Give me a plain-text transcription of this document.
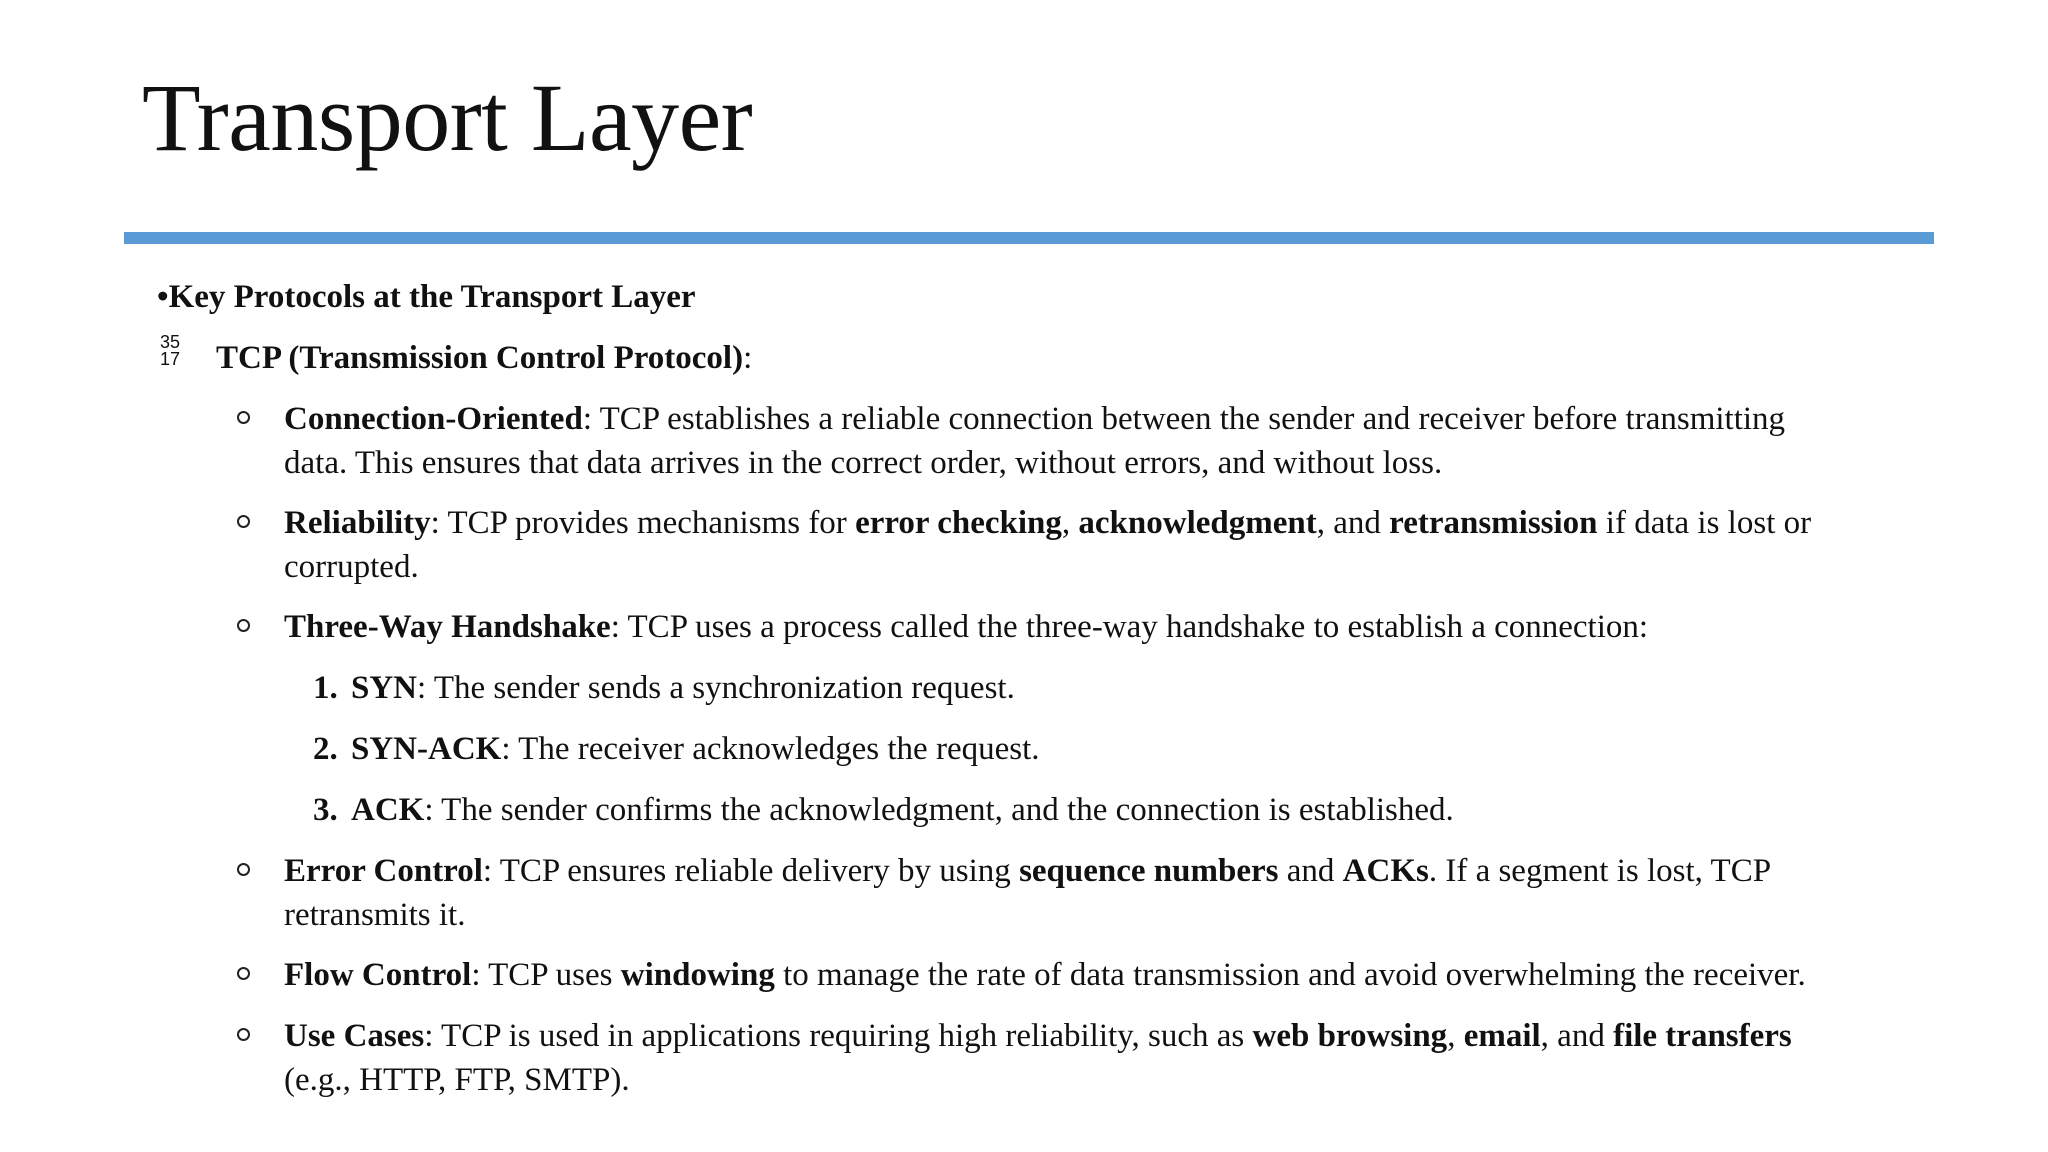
Transport Layer
•Key Protocols at the Transport Layer
35
17 TCP (Transmission Control Protocol):
Connection-Oriented: TCP establishes a reliable connection between the sender and receiver before transmitting
data. This ensures that data arrives in the correct order, without errors, and without loss.
Reliability: TCP provides mechanisms for error checking, acknowledgment, and retransmission if data is lost or
corrupted.
Three-Way Handshake: TCP uses a process called the three-way handshake to establish a connection:
1. SYN: The sender sends a synchronization request.
2. SYN-ACK: The receiver acknowledges the request.
3. ACK: The sender confirms the acknowledgment, and the connection is established.
Error Control: TCP ensures reliable delivery by using sequence numbers and ACKs. If a segment is lost, TCP
retransmits it.
Flow Control: TCP uses windowing to manage the rate of data transmission and avoid overwhelming the receiver.
Use Cases: TCP is used in applications requiring high reliability, such as web browsing, email, and file transfers
(e.g., HTTP, FTP, SMTP).
